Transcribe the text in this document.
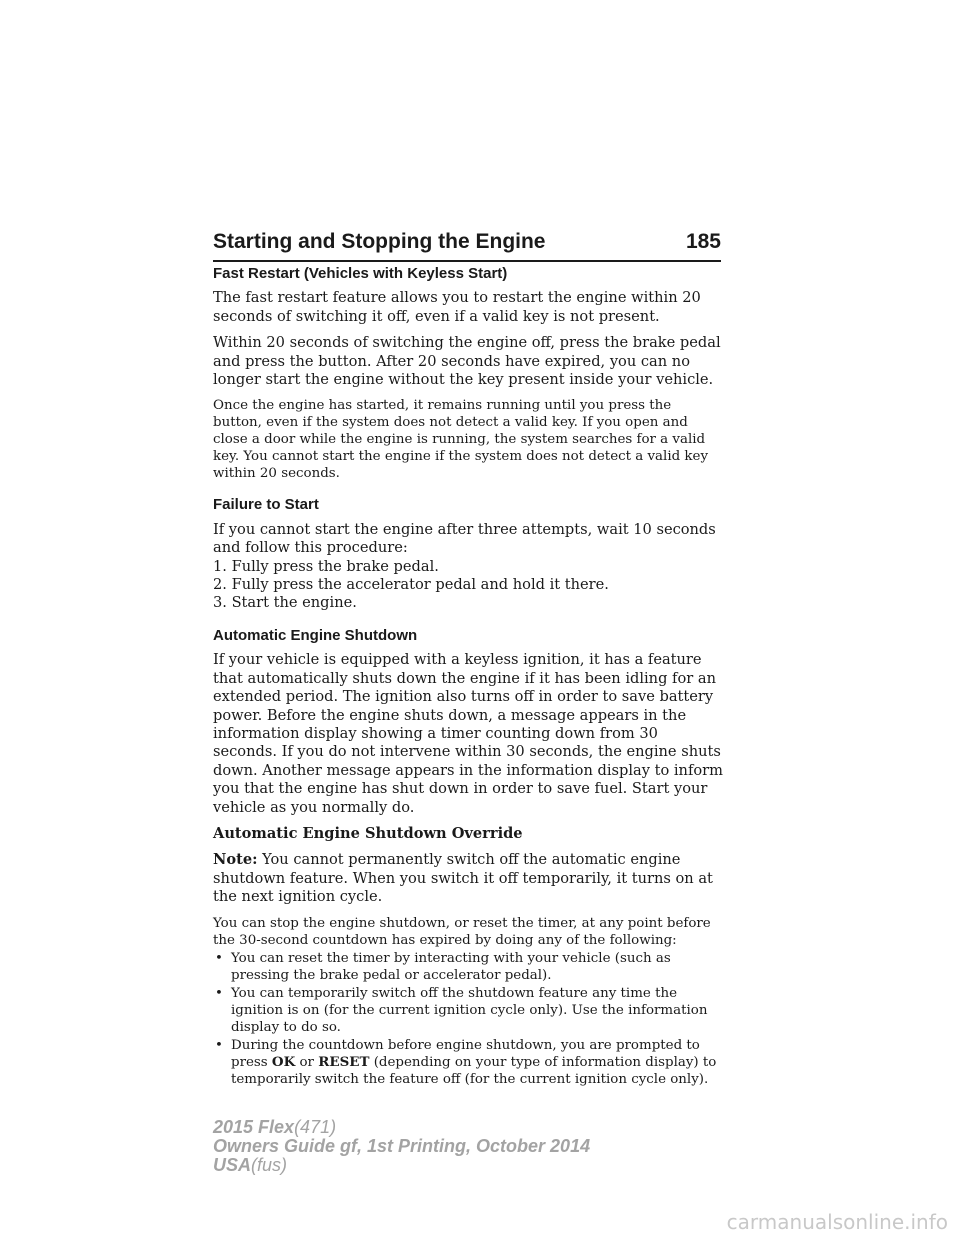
Starting and Stopping the Engine	185
Fast Restart (Vehicles with Keyless Start)

The fast restart feature allows you to restart the engine within 20 seconds of switching it off, even if a valid key is not present.

Within 20 seconds of switching the engine off, press the brake pedal and press the button. After 20 seconds have expired, you can no longer start the engine without the key present inside your vehicle.

Once the engine has started, it remains running until you press the button, even if the system does not detect a valid key. If you open and close a door while the engine is running, the system searches for a valid key. You cannot start the engine if the system does not detect a valid key within 20 seconds.

Failure to Start
If you cannot start the engine after three attempts, wait 10 seconds and follow this procedure:
1. Fully press the brake pedal.
2. Fully press the accelerator pedal and hold it there.
3. Start the engine.
Automatic Engine Shutdown

If your vehicle is equipped with a keyless ignition, it has a feature that automatically shuts down the engine if it has been idling for an extended period. The ignition also turns off in order to save battery power. Before the engine shuts down, a message appears in the information display showing a timer counting down from 30 seconds. If you do not intervene within 30 seconds, the engine shuts down. Another message appears in the information display to inform you that the engine has shut down in order to save fuel. Start your vehicle as you normally do.

Automatic Engine Shutdown Override

Note: You cannot permanently switch off the automatic engine shutdown feature. When you switch it off temporarily, it turns on at the next ignition cycle.

You can stop the engine shutdown, or reset the timer, at any point before the 30-second countdown has expired by doing any of the following:

• You can reset the timer by interacting with your vehicle (such as pressing the brake pedal or accelerator pedal).
• You can temporarily switch off the shutdown feature any time the ignition is on (for the current ignition cycle only). Use the information display to do so.
• During the countdown before engine shutdown, you are prompted to press OK or RESET (depending on your type of information display) to temporarily switch the feature off (for the current ignition cycle only).
2015 Flex(471)
Owners Guide gf, 1st Printing, October 2014
USA(fus)
carmanualsonline.info
